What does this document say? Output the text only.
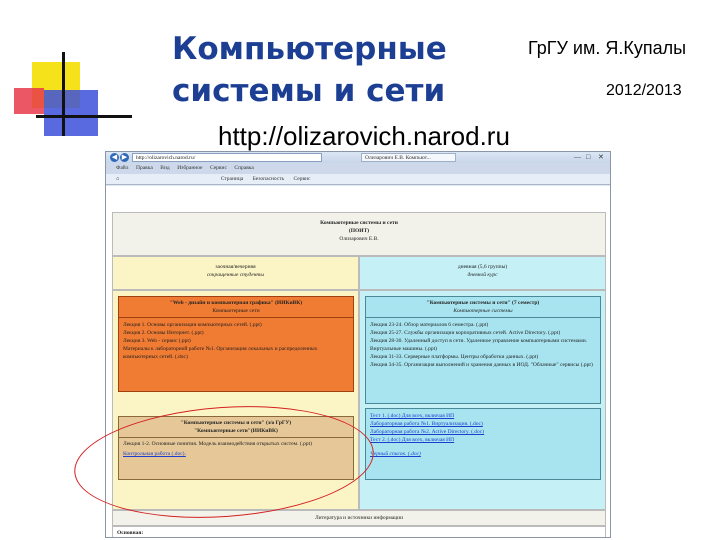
Компьютерные
системы и сети
ГрГУ им. Я.Купалы
2012/2013
http://olizarovich.narod.ru
◀ ▶	http://olizarovich.narod.ru/	Олизарович Е.В. Компьют...	— □ ✕
Файл Правка Вид Избранное Сервис Справка
⌂	Страница Безопасность Сервис
Компьютерные системы и сети
(ПОИТ)
Олизарович Е.В.
заочная/вечерняя
сокращенные студенты
дневная (5,6 группы)
дневной курс
"Web - дизайн и компьютерная графика" (ИИКиВК)
Компьютерные сети
Лекция 1. Основы организации компьютерных сетей. (.ppt)
Лекция 2. Основы Интернет. (.ppt)
Лекция 3. Web - сервис (.ppt)
Материалы к лабораторной работе №1. Организация локальных и распределенных компьютерных сетей. (.doc)
"Компьютерные системы и сети" (7 семестр)
Компьютерные системы
Лекция 23-24. Обзор материалов 6 семестра. (.ppt)
Лекция 25-27. Службы организации корпоративных сетей. Active Directory. (.ppt)
Лекция 28-30. Удаленный доступ в сети. Удаленное управление компьютерными системами. Виртуальные машины. (.ppt)
Лекция 31-33. Серверные платформы. Центры обработки данных. (.ppt)
Лекция 34-35. Организация выполнений и хранения данных в ИОД. "Облачные" сервисы (.ppt)
Тест 1. (.doc) Для всех, включая ИП
Лабораторная работа №1. Виртуализация. (.doc)
Лабораторная работа №2. Active Directory. (.doc)
Тест 2. (.doc) Для всех, включая ИП
Черный список. (.doc)
"Компьютерные системы и сети" (з/о ГрГУ)
"Компьютерные сети"(ИИКиВК)
Лекция 1-2. Основные понятия. Модель взаимодействия открытых систем. (.ppt)
Контрольная работа (.doc).
Литература и источники информации
Основная:
